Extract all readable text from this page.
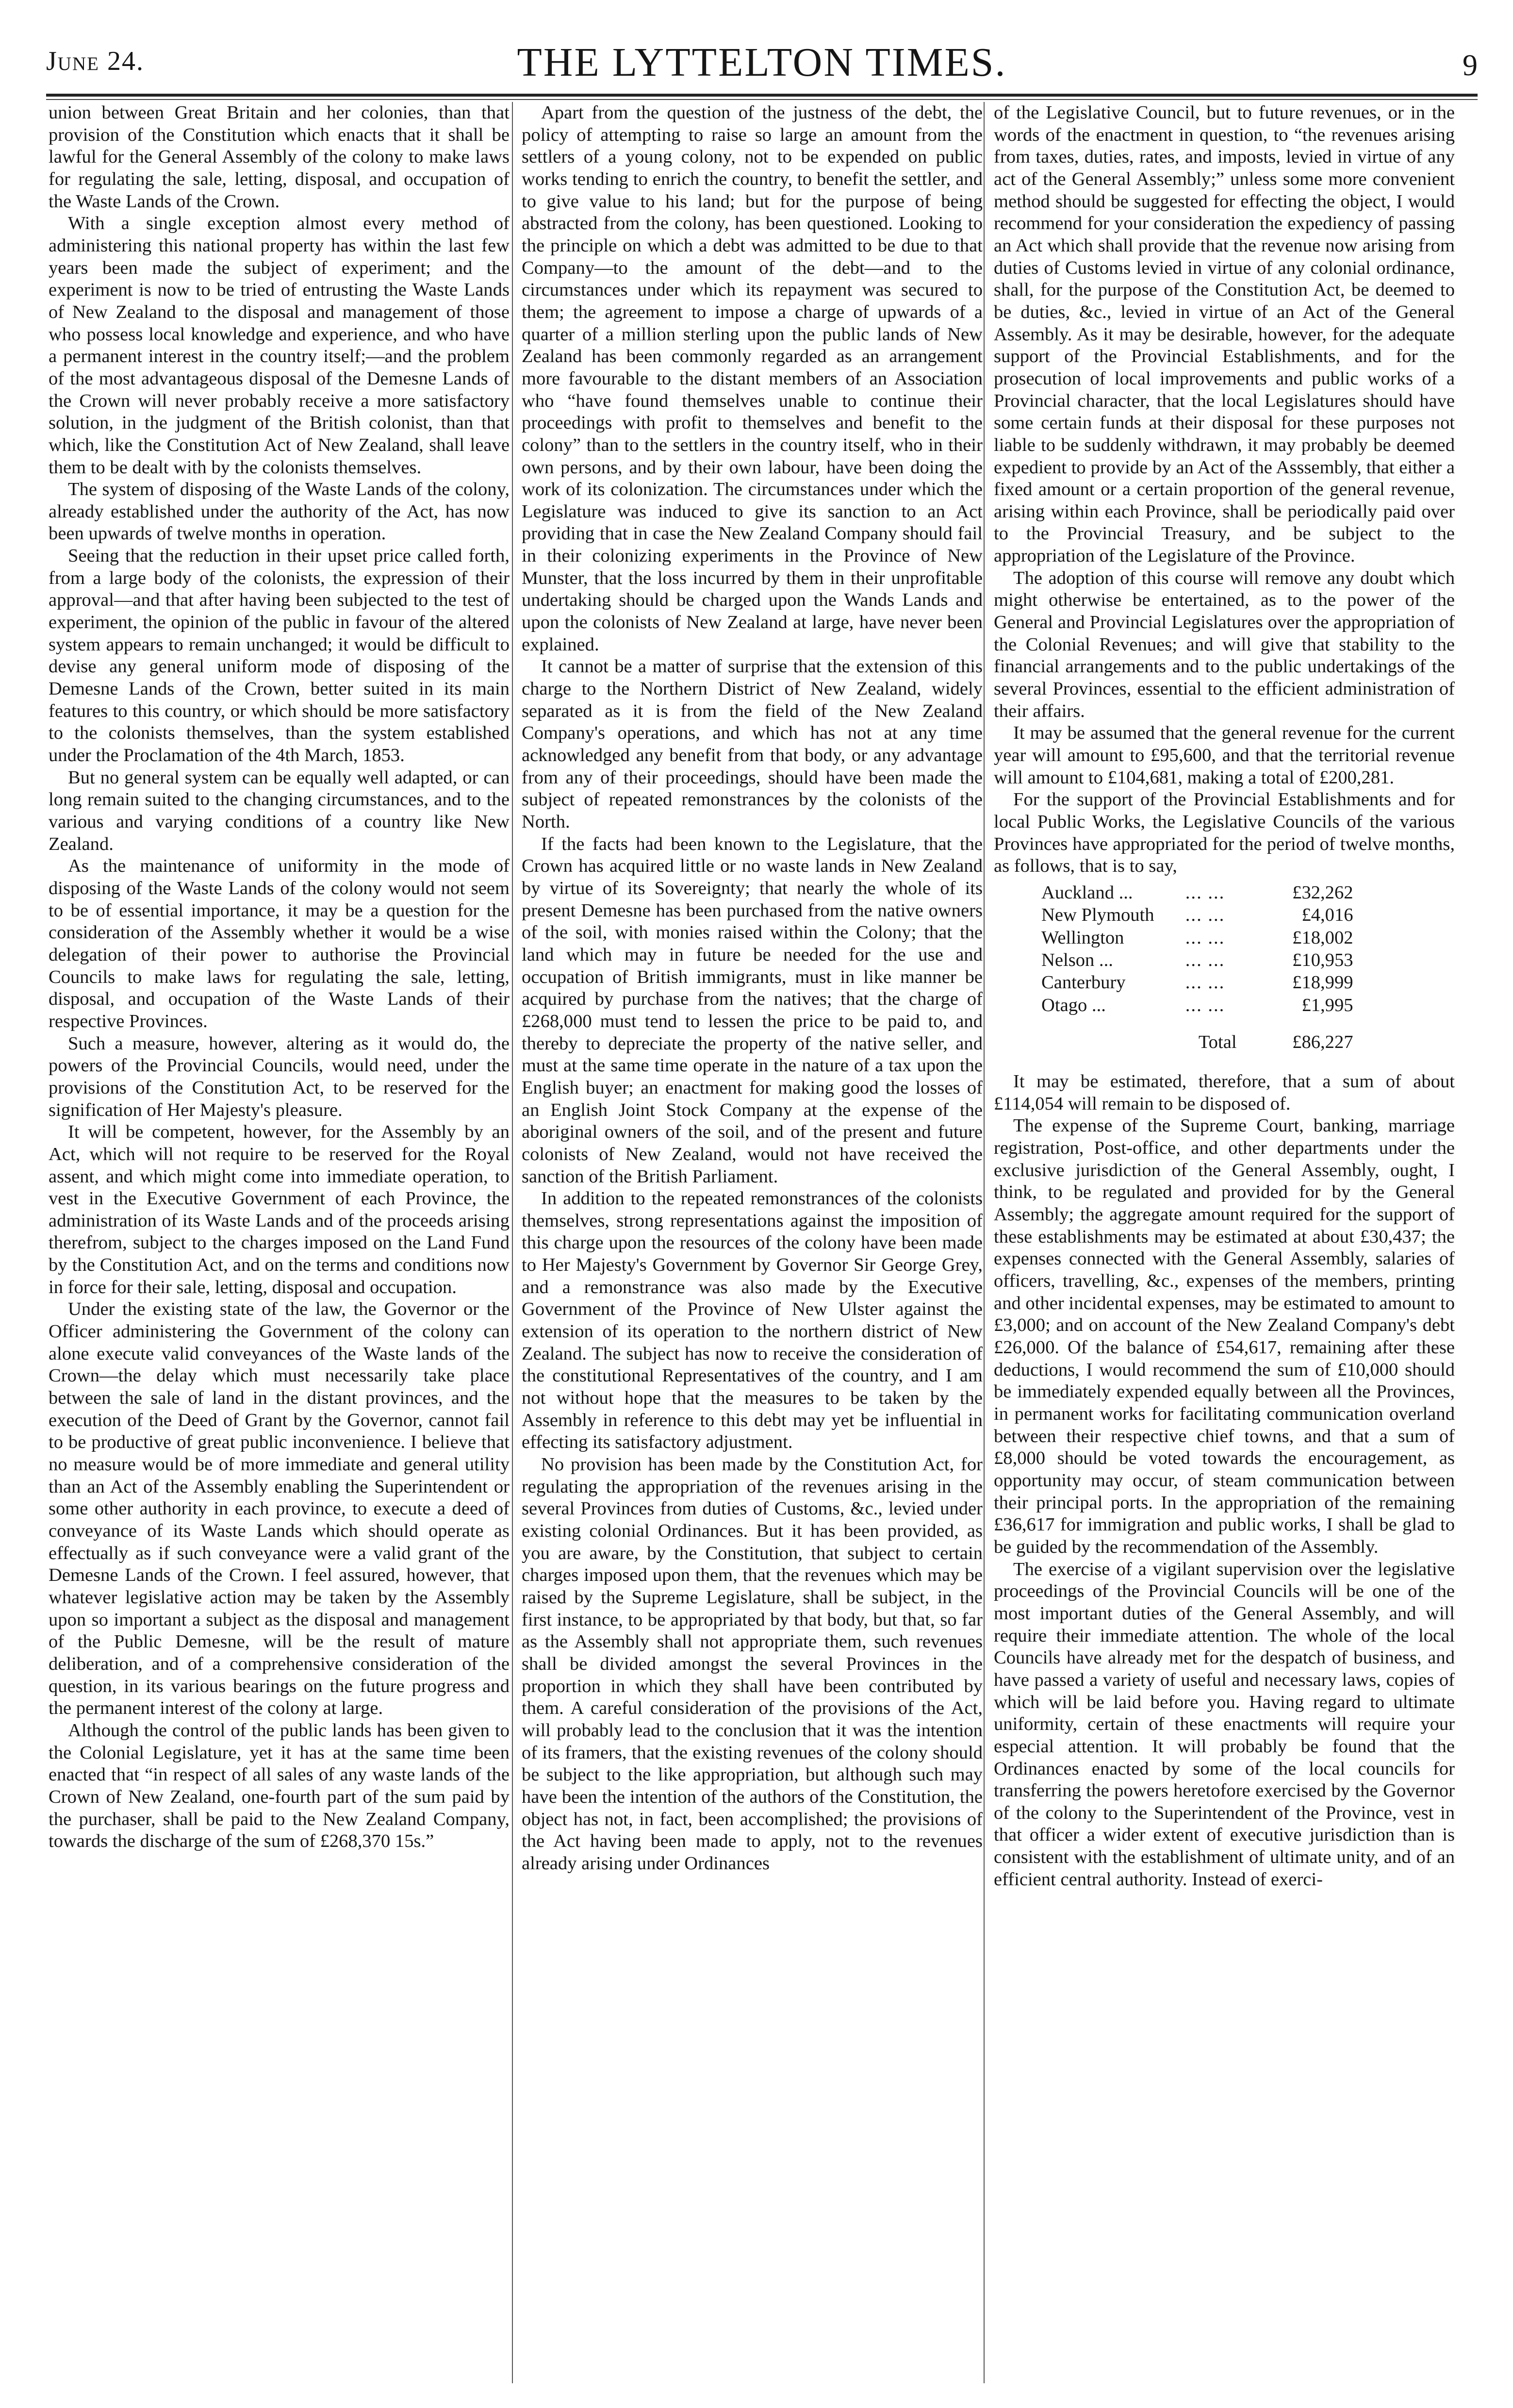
THE LYTTELTON TIMES.
June 24.	9

union between Great Britain and her colonies, than that provision of the Constitution which enacts that it shall be lawful for the General Assembly of the colony to make laws for regulating the sale, letting, disposal, and occupation of the Waste Lands of the Crown.

With a single exception almost every method of administering this national property has within the last few years been made the subject of experiment; and the experiment is now to be tried of entrusting the Waste Lands of New Zealand to the disposal and management of those who possess local knowledge and experience, and who have a permanent interest in the country itself;—and the problem of the most advantageous disposal of the Demesne Lands of the Crown will never probably receive a more satisfactory solution, in the judgment of the British colonist, than that which, like the Constitution Act of New Zealand, shall leave them to be dealt with by the colonists themselves.

The system of disposing of the Waste Lands of the colony, already established under the authority of the Act, has now been upwards of twelve months in operation.

Seeing that the reduction in their upset price called forth, from a large body of the colonists, the expression of their approval—and that after having been subjected to the test of experiment, the opinion of the public in favour of the altered system appears to remain unchanged; it would be difficult to devise any general uniform mode of disposing of the Demesne Lands of the Crown, better suited in its main features to this country, or which should be more satisfactory to the colonists themselves, than the system established under the Proclamation of the 4th March, 1853.

But no general system can be equally well adapted, or can long remain suited to the changing circumstances, and to the various and varying conditions of a country like New Zealand.

As the maintenance of uniformity in the mode of disposing of the Waste Lands of the colony would not seem to be of essential importance, it may be a question for the consideration of the Assembly whether it would be a wise delegation of their power to authorise the Provincial Councils to make laws for regulating the sale, letting, disposal, and occupation of the Waste Lands of their respective Provinces.

Such a measure, however, altering as it would do, the powers of the Provincial Councils, would need, under the provisions of the Constitution Act, to be reserved for the signification of Her Majesty's pleasure.

It will be competent, however, for the Assembly by an Act, which will not require to be reserved for the Royal assent, and which might come into immediate operation, to vest in the Executive Government of each Province, the administration of its Waste Lands and of the proceeds arising therefrom, subject to the charges imposed on the Land Fund by the Constitution Act, and on the terms and conditions now in force for their sale, letting, disposal and occupation.

Under the existing state of the law, the Governor or the Officer administering the Government of the colony can alone execute valid conveyances of the Waste lands of the Crown—the delay which must necessarily take place between the sale of land in the distant provinces, and the execution of the Deed of Grant by the Governor, cannot fail to be productive of great public inconvenience. I believe that no measure would be of more immediate and general utility than an Act of the Assembly enabling the Superintendent or some other authority in each province, to execute a deed of conveyance of its Waste Lands which should operate as effectually as if such conveyance were a valid grant of the Demesne Lands of the Crown. I feel assured, however, that whatever legislative action may be taken by the Assembly upon so important a subject as the disposal and management of the Public Demesne, will be the result of mature deliberation, and of a comprehensive consideration of the question, in its various bearings on the future progress and the permanent interest of the colony at large.

Although the control of the public lands has been given to the Colonial Legislature, yet it has at the same time been enacted that “in respect of all sales of any waste lands of the Crown of New Zealand, one-fourth part of the sum paid by the purchaser, shall be paid to the New Zealand Company, towards the discharge of the sum of £268,370 15s.”

Apart from the question of the justness of the debt, the policy of attempting to raise so large an amount from the settlers of a young colony, not to be expended on public works tending to enrich the country, to benefit the settler, and to give value to his land; but for the purpose of being abstracted from the colony, has been questioned. Looking to the principle on which a debt was admitted to be due to that Company—to the amount of the debt—and to the circumstances under which its repayment was secured to them; the agreement to impose a charge of upwards of a quarter of a million sterling upon the public lands of New Zealand has been commonly regarded as an arrangement more favourable to the distant members of an Association who “have found themselves unable to continue their proceedings with profit to themselves and benefit to the colony” than to the settlers in the country itself, who in their own persons, and by their own labour, have been doing the work of its colonization. The circumstances under which the Legislature was induced to give its sanction to an Act providing that in case the New Zealand Company should fail in their colonizing experiments in the Province of New Munster, that the loss incurred by them in their unprofitable undertaking should be charged upon the Wands Lands and upon the colonists of New Zealand at large, have never been explained.

It cannot be a matter of surprise that the extension of this charge to the Northern District of New Zealand, widely separated as it is from the field of the New Zealand Company's operations, and which has not at any time acknowledged any benefit from that body, or any advantage from any of their proceedings, should have been made the subject of repeated remonstrances by the colonists of the North.

If the facts had been known to the Legislature, that the Crown has acquired little or no waste lands in New Zealand by virtue of its Sovereignty; that nearly the whole of its present Demesne has been purchased from the native owners of the soil, with monies raised within the Colony; that the land which may in future be needed for the use and occupation of British immigrants, must in like manner be acquired by purchase from the natives; that the charge of £268,000 must tend to lessen the price to be paid to, and thereby to depreciate the property of the native seller, and must at the same time operate in the nature of a tax upon the English buyer; an enactment for making good the losses of an English Joint Stock Company at the expense of the aboriginal owners of the soil, and of the present and future colonists of New Zealand, would not have received the sanction of the British Parliament.

In addition to the repeated remonstrances of the colonists themselves, strong representations against the imposition of this charge upon the resources of the colony have been made to Her Majesty's Government by Governor Sir George Grey, and a remonstrance was also made by the Executive Government of the Province of New Ulster against the extension of its operation to the northern district of New Zealand. The subject has now to receive the consideration of the constitutional Representatives of the country, and I am not without hope that the measures to be taken by the Assembly in reference to this debt may yet be influential in effecting its satisfactory adjustment.

No provision has been made by the Constitution Act, for regulating the appropriation of the revenues arising in the several Provinces from duties of Customs, &c., levied under existing colonial Ordinances. But it has been provided, as you are aware, by the Constitution, that subject to certain charges imposed upon them, that the revenues which may be raised by the Supreme Legislature, shall be subject, in the first instance, to be appropriated by that body, but that, so far as the Assembly shall not appropriate them, such revenues shall be divided amongst the several Provinces in the proportion in which they shall have been contributed by them. A careful consideration of the provisions of the Act, will probably lead to the conclusion that it was the intention of its framers, that the existing revenues of the colony should be subject to the like appropriation, but although such may have been the intention of the authors of the Constitution, the object has not, in fact, been accomplished; the provisions of the Act having been made to apply, not to the revenues already arising under Ordinances

of the Legislative Council, but to future revenues, or in the words of the enactment in question, to “the revenues arising from taxes, duties, rates, and imposts, levied in virtue of any act of the General Assembly;” unless some more convenient method should be suggested for effecting the object, I would recommend for your consideration the expediency of passing an Act which shall provide that the revenue now arising from duties of Customs levied in virtue of any colonial ordinance, shall, for the purpose of the Constitution Act, be deemed to be duties, &c., levied in virtue of an Act of the General Assembly. As it may be desirable, however, for the adequate support of the Provincial Establishments, and for the prosecution of local improvements and public works of a Provincial character, that the local Legislatures should have some certain funds at their disposal for these purposes not liable to be suddenly withdrawn, it may probably be deemed expedient to provide by an Act of the Asssembly, that either a fixed amount or a certain proportion of the general revenue, arising within each Province, shall be periodically paid over to the Provincial Treasury, and be subject to the appropriation of the Legislature of the Province.

The adoption of this course will remove any doubt which might otherwise be entertained, as to the power of the General and Provincial Legislatures over the appropriation of the Colonial Revenues; and will give that stability to the financial arrangements and to the public undertakings of the several Provinces, essential to the efficient administration of their affairs.

It may be assumed that the general revenue for the current year will amount to £95,600, and that the territorial revenue will amount to £104,681, making a total of £200,281.

For the support of the Provincial Establishments and for local Public Works, the Legislative Councils of the various Provinces have appropriated for the period of twelve months, as follows, that is to say,

Auckland ...	... ...	£32,262
New Plymouth	... ...	£4,016
Wellington	... ...	£18,002
Nelson ...	... ...	£10,953
Canterbury	... ...	£18,999
Otago ...	... ...	£1,995
	Total	£86,227

It may be estimated, therefore, that a sum of about £114,054 will remain to be disposed of.

The expense of the Supreme Court, banking, marriage registration, Post-office, and other departments under the exclusive jurisdiction of the General Assembly, ought, I think, to be regulated and provided for by the General Assembly; the aggregate amount required for the support of these establishments may be estimated at about £30,437; the expenses connected with the General Assembly, salaries of officers, travelling, &c., expenses of the members, printing and other incidental expenses, may be estimated to amount to £3,000; and on account of the New Zealand Company's debt £26,000. Of the balance of £54,617, remaining after these deductions, I would recommend the sum of £10,000 should be immediately expended equally between all the Provinces, in permanent works for facilitating communication overland between their respective chief towns, and that a sum of £8,000 should be voted towards the encouragement, as opportunity may occur, of steam communication between their principal ports. In the appropriation of the remaining £36,617 for immigration and public works, I shall be glad to be guided by the recommendation of the Assembly.

The exercise of a vigilant supervision over the legislative proceedings of the Provincial Councils will be one of the most important duties of the General Assembly, and will require their immediate attention. The whole of the local Councils have already met for the despatch of business, and have passed a variety of useful and necessary laws, copies of which will be laid before you. Having regard to ultimate uniformity, certain of these enactments will require your especial attention. It will probably be found that the Ordinances enacted by some of the local councils for transferring the powers heretofore exercised by the Governor of the colony to the Superintendent of the Province, vest in that officer a wider extent of executive jurisdiction than is consistent with the establishment of ultimate unity, and of an efficient central authority. Instead of exerci-
